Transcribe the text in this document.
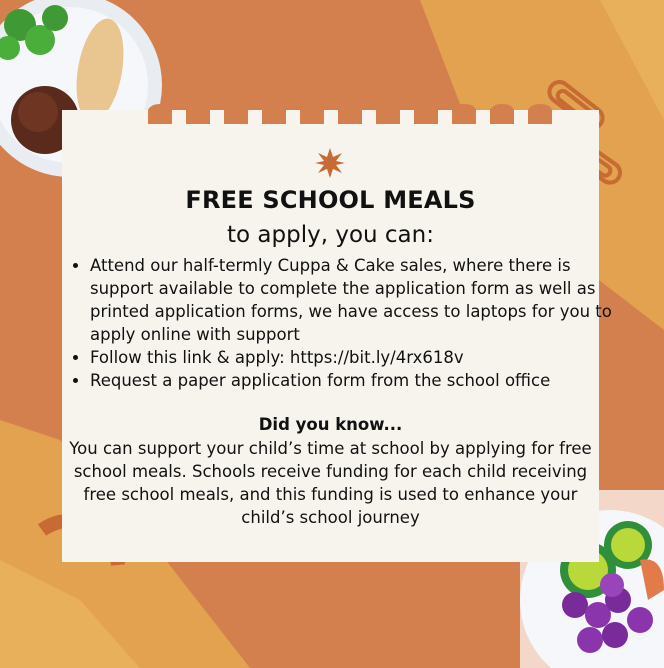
FREE SCHOOL MEALS
to apply, you can:
• Attend our half-termly Cuppa & Cake sales, where there is support available to complete the application form as well as printed application forms, we have access to laptops for you to apply online with support
• Follow this link & apply: https://bit.ly/4rx618v
• Request a paper application form from the school office
Did you know...
You can support your child’s time at school by applying for free school meals. Schools receive funding for each child receiving free school meals, and this funding is used to enhance your child’s school journey
